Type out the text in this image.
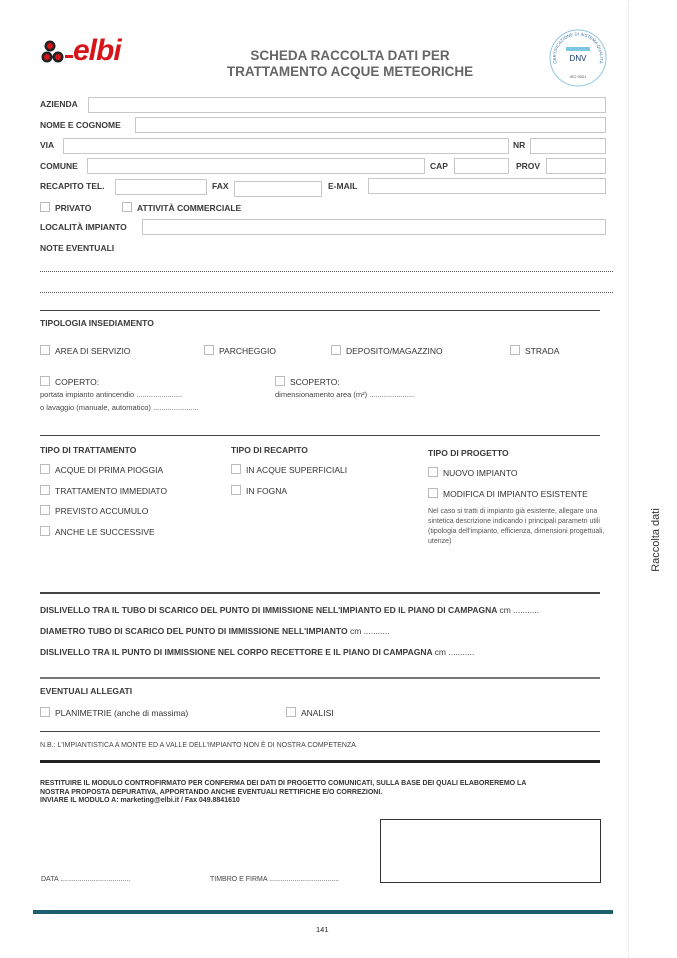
elbi	SCHEDA RACCOLTA DATI PER
TRATTAMENTO ACQUE METEORICHE
CERTIFICAZIONE DI SISTEMA QUALITÀ
DNV
ISO 9001
AZIENDA
NOME E COGNOME
VIA	NR
COMUNE	CAP	PROV
RECAPITO TEL.	FAX	E-MAIL
PRIVATO	ATTIVITÀ COMMERCIALE
LOCALITÀ IMPIANTO
NOTE EVENTUALI
TIPOLOGIA INSEDIAMENTO
AREA DI SERVIZIO	PARCHEGGIO	DEPOSITO/MAGAZZINO	STRADA
COPERTO:
portata impianto antincendio ......................
o lavaggio (manuale, automatico) ......................
SCOPERTO:
dimensionamento area (m²) ......................
TIPO DI TRATTAMENTO
ACQUE DI PRIMA PIOGGIA
TRATTAMENTO IMMEDIATO
PREVISTO ACCUMULO
ANCHE LE SUCCESSIVE
TIPO DI RECAPITO
IN ACQUE SUPERFICIALI
IN FOGNA
TIPO DI PROGETTO
NUOVO IMPIANTO
MODIFICA DI IMPIANTO ESISTENTE
Nel caso si tratti di impianto già esistente, allegare una sintetica descrizione indicando i principali parametri utili (tipologia dell'impianto, efficienza, dimensioni progettuali, utenze)
DISLIVELLO TRA IL TUBO DI SCARICO DEL PUNTO DI IMMISSIONE NELL'IMPIANTO ED IL PIANO DI CAMPAGNA cm ...........
DIAMETRO TUBO DI SCARICO DEL PUNTO DI IMMISSIONE NELL'IMPIANTO cm ...........
DISLIVELLO TRA IL PUNTO DI IMMISSIONE NEL CORPO RECETTORE E IL PIANO DI CAMPAGNA cm ...........
EVENTUALI ALLEGATI
PLANIMETRIE (anche di massima)	ANALISI
N.B.: L'IMPIANTISTICA A MONTE ED A VALLE DELL'IMPIANTO NON È DI NOSTRA COMPETENZA
RESTITUIRE IL MODULO CONTROFIRMATO PER CONFERMA DEI DATI DI PROGETTO COMUNICATI, SULLA BASE DEI QUALI ELABOREREMO LA
NOSTRA PROPOSTA DEPURATIVA, APPORTANDO ANCHE EVENTUALI RETTIFICHE E/O CORREZIONI.
INVIARE IL MODULO A: marketing@elbi.it / Fax 049.8841610
DATA ....................................	TIMBRO E FIRMA ....................................
141
Raccolta dati
